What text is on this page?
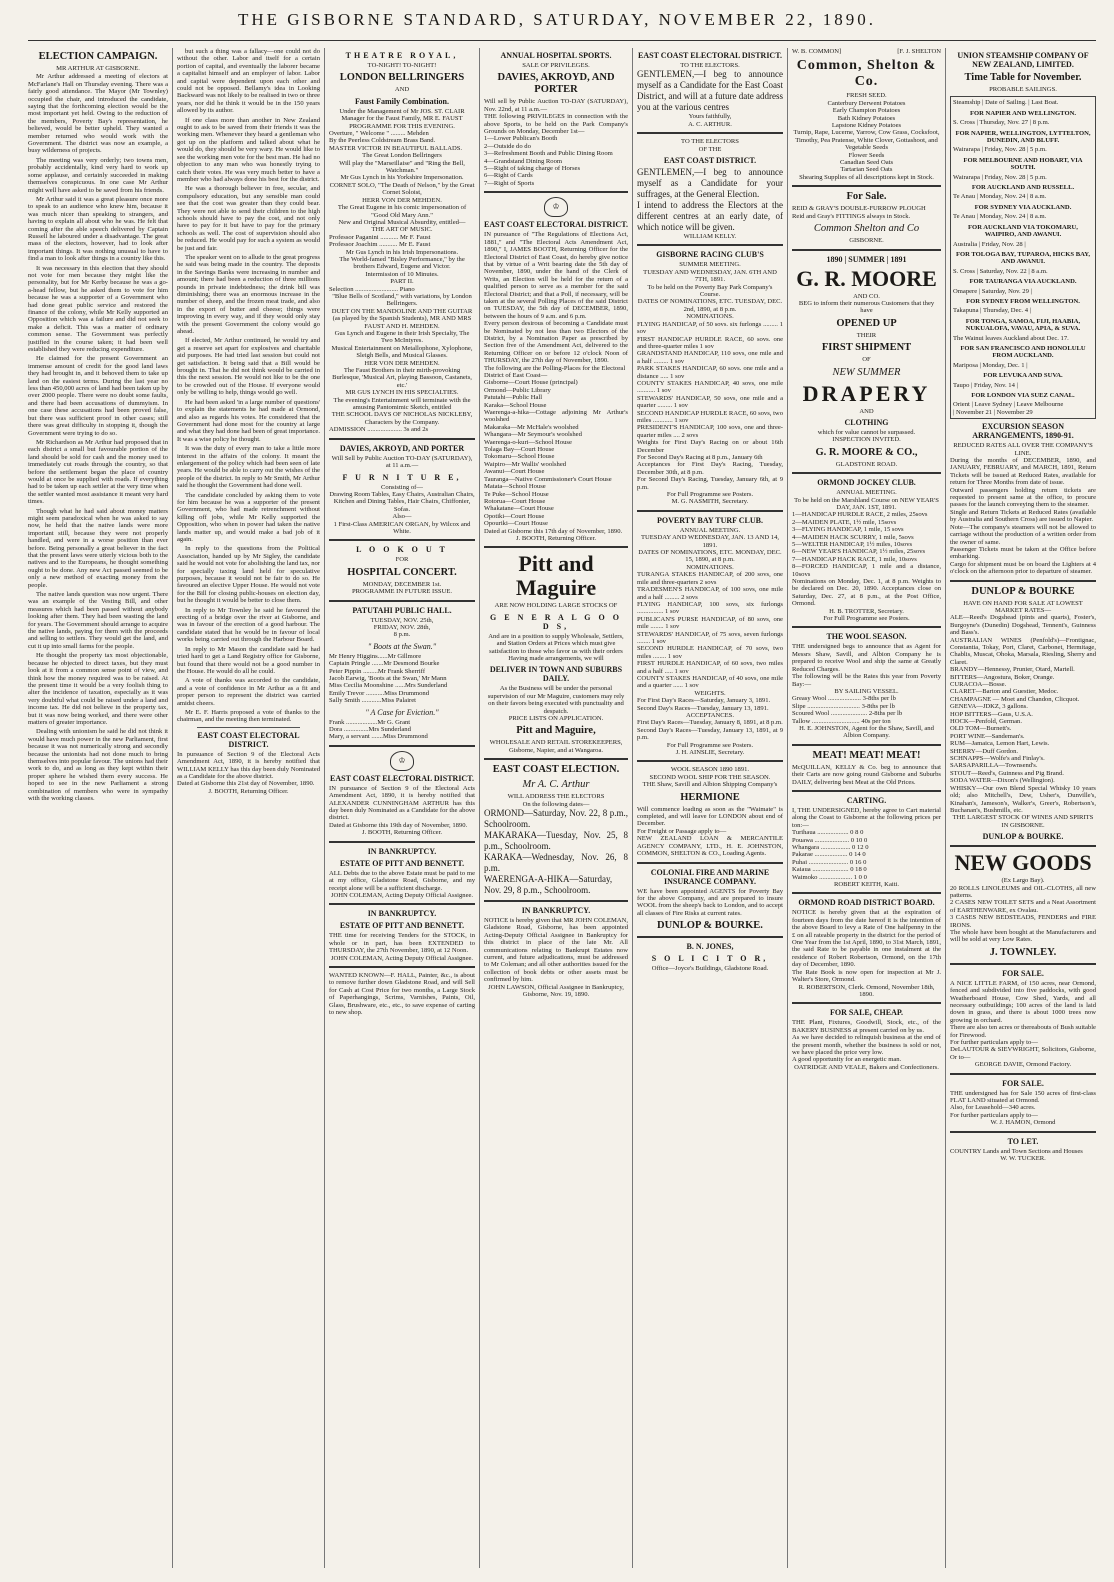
THE GISBORNE STANDARD, SATURDAY, NOVEMBER 22, 1890.
ELECTION CAMPAIGN.
MR ARTHUR AT GISBORNE.

Mr Arthur addressed a meeting of electors at McFarlane's Hall on Thursday evening. There was a fairly good attendance. The Mayor (Mr Townley) occupied the chair, and introduced the candidate, saying that the forthcoming election would be the most important yet held. Owing to the reduction of the members, Poverty Bay's representation, he believed, would be better upheld. They wanted a member returned who would work with the Government. The district was now an example, a busy wilderness of projects.

The meeting was very orderly; two towns men, probably accidentally, kind very hard to work up some applause, and certainly succeeded in making themselves conspicuous. In one case Mr Arthur might well have asked to be saved from his friends.

Mr Arthur said it was a great pleasure once more to speak to an audience who knew him, because it was much nicer than speaking to strangers, and having to explain all about who he was. He felt that coming after the able speech delivered by Captain Russell he laboured under a disadvantage. The great mass of the electors, however, had to look after important things. It was nothing unusual to have to find a man to look after things in a country like this.

It was necessary in this election that they should not vote for men because they might like the personality, but for Mr Kerby because he was a go-a-head fellow, but he asked them to vote for him because he was a supporter of a Government who had done great public service and restored the finance of the colony, while Mr Kelly supported an Opposition which was a failure and did not seek to make a deficit. This was a matter of ordinary common sense. The Government was perfectly justified in the course taken; it had been well established they were reducing expenditure.

He claimed for the present Government an immense amount of credit for the good land laws they had brought in, and it behoved them to take up land on the easiest terms. During the last year no less than 450,000 acres of land had been taken up by over 2000 people. There were no doubt some faults, and there had been accusations of dummyism. In one case these accusations had been proved false, but there was sufficient proof in other cases; still there was great difficulty in stopping it, though the Government were trying to do so.

Mr Richardson as Mr Arthur had proposed that in each district a small but favourable portion of the land should be sold for cash and the money used to immediately cut roads through the country, so that before the settlement began the place of country would at once be supplied with roads. If everything had to be taken up each settler at the very time when the settler wanted most assistance it meant very hard times.

Though what he had said about money matters might seem paradoxical when he was asked to say now, he held that the native lands were more important still, because they were not properly handled, and were in a worse position than ever before. Being personally a great believer in the fact that the present laws were utterly vicious both to the natives and to the Europeans, he thought something ought to be done. Any new Act passed seemed to be only a new method of exacting money from the people.

The native lands question was now urgent. There was an example of the Vesting Bill, and other measures which had been passed without anybody looking after them. They had been wasting the land for years. The Government should arrange to acquire the native lands, paying for them with the proceeds and selling to settlers. They would get the land, and cut it up into small farms for the people.

He thought the property tax most objectionable, because he objected to direct taxes, but they must look at it from a common sense point of view, and think how the money required was to be raised. At the present time it would be a very foolish thing to alter the incidence of taxation, especially as it was very doubtful what could be raised under a land and income tax. He did not believe in the property tax, but it was now being worked, and there were other matters of greater importance.

Dealing with unionism he said he did not think it would have much power in the new Parliament, first because it was not numerically strong and secondly because the unionists had not done much to bring themselves into popular favour. The unions had their work to do, and as long as they kept within their proper sphere he wished them every success. He hoped to see in the new Parliament a strong combination of members who were in sympathy with the working classes.

but such a thing was a fallacy—one could not do without the other. Labor and itself for a certain portion of capital, and eventually the laborer became a capitalist himself and an employer of labor. Labor and capital were dependent upon each other and could not be opposed. Bellamy's idea in Looking Backward was not likely to be realised in two or three years, nor did he think it would be in the 150 years allowed by its author.

If one class more than another in New Zealand ought to ask to be saved from their friends it was the working men. Whenever they heard a gentleman who got up on the platform and talked about what he would do, they should be very wary. He would like to see the working men vote for the best man. He had no objection to any man who was honestly trying to catch their votes. He was very much better to have a member who had always done his best for the district.

He was a thorough believer in free, secular, and compulsory education, but any sensible man could see that the cost was greater than they could bear. They were not able to send their children to the high schools should have to pay the cost, and not only have to pay for it but have to pay for the primary schools as well. The cost of supervision should also be reduced. He would pay for such a system as would be just and fair.

The speaker went on to allude to the great progress he said was being made in the country. The deposits in the Savings Banks were increasing in number and amount; there had been a reduction of three millions pounds in private indebtedness; the drink bill was diminishing; there was an enormous increase in the number of sheep, and the frozen meat trade, and also in the export of butter and cheese; things were improving in every way, and if they would only stay with the present Government the colony would go ahead.

If elected, Mr Arthur continued, he would try and get a reserve set apart for explosives and charitable aid purposes. He had tried last session but could not get satisfaction. It being said that a Bill would be brought in. That he did not think would be carried in this the next session. He would not like to be the one to be crowded out of the House. If everyone would only be willing to help, things would go well.

He had been asked 'in a large number of questions' to explain the statements he had made at Ormond, and also as regards his votes. He considered that the Government had done most for the country at large and what they had done had been of great importance. It was a wise policy he thought.

It was the duty of every man to take a little more interest in the affairs of the colony. It meant the enlargement of the policy which had been seen of late years. He would be able to carry out the wishes of the people of the district. In reply to Mr Smith, Mr Arthur said he thought the Government had done well.

The candidate concluded by asking them to vote for him because he was a supporter of the present Government, who had made retrenchment without killing off jobs, while Mr Kelly supported the Opposition, who when in power had taken the native lands matter up, and would make a bad job of it again.

In reply to the questions from the Political Association, handed up by Mr Sigley, the candidate said he would not vote for abolishing the land tax, nor for specially taxing land held for speculative purposes, because it would not be fair to do so. He favoured an elective Upper House. He would not vote for the Bill for closing public-houses on election day, but he thought it would be better to close them.

In reply to Mr Townley he said he favoured the erecting of a bridge over the river at Gisborne, and was in favour of the erection of a good harbour. The candidate stated that he would be in favour of local works being carried out through the Harbour Board.

In reply to Mr Mason the candidate said he had tried hard to get a Land Registry office for Gisborne, but found that there would not be a good number in the House. He would do all he could.

A vote of thanks was accorded to the candidate, and a vote of confidence in Mr Arthur as a fit and proper person to represent the district was carried amidst cheers.

Mr E. F. Harris proposed a vote of thanks to the chairman, and the meeting then terminated.

EAST COAST ELECTORAL DISTRICT.
In pursuance of Section 9 of the Electoral Acts Amendment Act, 1890, it is hereby notified that WILLIAM KELLY has this day been duly Nominated as a Candidate for the above district.
Dated at Gisborne this 21st day of November, 1890.
J. BOOTH, Returning Officer.
THEATRE ROYAL,
TO-NIGHT! TO-NIGHT!
LONDON BELLRINGERS
AND
Faust Family Combination.
Under the Management of Mr JOS. ST. CLAIR Manager for the Faust Family, MR E. FAUST
PROGRAMME FOR THIS EVENING.
Overture, " Welcome " ......... Mehden
By the Peerless Coldstream Brass Band.
MASTER VICTOR IN BEAUTIFUL BALLADS.
The Great London Bellringers
Will play the "Marseillaise" and "Ring the Bell, Watchman."
Mr Gus Lynch in his Yorkshire Impersonation.
CORNET SOLO, "The Death of Nelson," by the Great Cornet Soloist,
HERR VON DER MEHDEN.
The Great Eugene in his comic impersonation of "Good Old Mary Ann."
New and Original Musical Absurdity, entitled—
THE ART OF MUSIC.
Professor Paganini ........... Mr F. Faust
Professor Joachim ........... Mr E. Faust
Mr Gus Lynch in his Irish Impersonations.
The World-famed "Bisley Performance," by the brothers Edward, Eugene and Victor.
Intermission of 10 Minutes.
PART II.
Selection .......................... Piano
"Blue Bells of Scotland," with variations, by London Bellringers.
DUET ON THE MANDOLINE AND THE GUITAR (as played by the Spanish Students), MR AND MRS FAUST AND H. MEHDEN.
Gus Lynch and Eugene in their Irish Specialty, The Two McIntyres.
Musical Entertainment on Metallophone, Xylophone, Sleigh Bells, and Musical Glasses.
HER VON DER MEHDEN.
The Faust Brothers in their mirth-provoking Burlesque, 'Musical Art, playing Bassoon, Castanets, etc.'
MR GUS LYNCH IN HIS SPECIALTIES.
The evening's Entertainment will terminate with the amusing Pantomimic Sketch, entitled
THE SCHOOL DAYS OF NICHOLAS NICKLEBY,
Characters by the Company.
ADMISSION ..................... 3s and 2s
DAVIES, AKROYD, AND PORTER
Will Sell by Public Auction TO-DAY (SATURDAY), at 11 a.m.—
F U R N I T U R E,
Consisting of—
Drawing Room Tables, Easy Chairs, Australian Chairs, Kitchen and Dining Tables, Hair Chairs, Chiffonier, Sofas.
Also—
1 First-Class AMERICAN ORGAN, by Wilcox and White.
L O O K O U T
FOR
HOSPITAL CONCERT.
MONDAY, DECEMBER 1st.
PROGRAMME IN FUTURE ISSUE.
PATUTAHI PUBLIC HALL.
TUESDAY, NOV. 25th,
FRIDAY, NOV. 28th,
8 p.m.
" Boots at the Swan."
Mr Henry Higgins......Mr Gillmore
Captain Pringle .......Mr Desmond Bourke
Peter Pippin .........Mr Frank Sherriff
Jacob Earwig, 'Boots at the Swan,' Mr Mann
Miss Cecilia Moonshine ......Mrs Sunderland
Emily Trevor ...........Miss Drummond
Sally Smith ............Miss Palairet
" A Case for Eviction."
Frank ...................Mr G. Grant
Dora ...............Mrs Sunderland
Mary, a servant .......Miss Drummond
♔
EAST COAST ELECTORAL DISTRICT.
IN pursuance of Section 9 of the Electoral Acts Amendment Act, 1890, it is hereby notified that ALEXANDER CUNNINGHAM ARTHUR has this day been duly Nominated as a Candidate for the above district.
Dated at Gisborne this 19th day of November, 1890.
J. BOOTH, Returning Officer.
IN BANKRUPTCY.
ESTATE OF PITT AND BENNETT.
ALL Debts due to the above Estate must be paid to me at my office, Gladstone Road, Gisborne, and my receipt alone will be a sufficient discharge.
JOHN COLEMAN, Acting Deputy Official Assignee.
IN BANKRUPTCY.
ESTATE OF PITT AND BENNETT.
THE time for receiving Tenders for the STOCK, in whole or in part, has been EXTENDED to THURSDAY, the 27th November, 1890, at 12 Noon.
JOHN COLEMAN, Acting Deputy Official Assignee.
WANTED KNOWN—F. HALL, Painter, &c., is about to remove further down Gladstone Road, and will Sell for Cash at Cost Price for two months, a Large Stock of Paperhangings, Scrims, Varnishes, Paints, Oil, Glass, Brushware, etc., etc., to save expense of carting to new shop.
ANNUAL HOSPITAL SPORTS.
SALE OF PRIVILEGES.
DAVIES, AKROYD, AND PORTER
Will sell by Public Auction TO-DAY (SATURDAY), Nov. 22nd, at 11 a.m.—
THE following PRIVILEGES in connection with the above Sports, to be held on the Park Company's Grounds on Monday, December 1st—
1—Lower Publican's Booth
2—Outside do do
3—Refreshment Booth and Public Dining Room
4—Grandstand Dining Room
5—Right of taking charge of Horses
6—Right of Cards
7—Right of Sports
♔
EAST COAST ELECTORAL DISTRICT.
IN pursuance of "The Regulations of Elections Act, 1881," and "The Electoral Acts Amendment Act, 1890," I, JAMES BOOTH, Returning Officer for the Electoral District of East Coast, do hereby give notice that by virtue of a Writ bearing date the 5th day of November, 1890, under the hand of the Clerk of Writs, an Election will be held for the return of a qualified person to serve as a member for the said Electoral District; and that a Poll, if necessary, will be taken at the several Polling Places of the said District on TUESDAY, the 5th day of DECEMBER, 1890, between the hours of 9 a.m. and 6 p.m.
Every person desirous of becoming a Candidate must be Nominated by not less than two Electors of the District, by a Nomination Paper as prescribed by Section five of the Amendment Act, delivered to the Returning Officer on or before 12 o'clock Noon of THURSDAY, the 27th day of November, 1890.
The following are the Polling-Places for the Electoral District of East Coast—
Gisborne—Court House (principal)
Ormond—Public Library
Patutahi—Public Hall
Karaka—School House
Waerenga-a-hika—Cottage adjoining Mr Arthur's woolshed
Makaraka—Mr McHale's woolshed
Whangara—Mr Seymour's woolshed
Waerenga-o-kuri—School House
Tolaga Bay—Court House
Tokomaru—School House
Waipiro—Mr Wallis' woolshed
Awanui—Court House
Tauranga—Native Commissioner's Court House
Matata—School House
Te Puke—School House
Rotorua—Court House
Whakatane—Court House
Opotiki—Court House
Opouriki—Court House
Dated at Gisborne this 17th day of November, 1890.
J. BOOTH, Returning Officer.
Pitt and Maguire
ARE NOW HOLDING LARGE STOCKS OF
G E N E R A L G O O D S,
And are in a position to supply Wholesale, Settlers, and Station Orders at Prices which must give satisfaction to those who favor us with their orders
Having made arrangements, we will
DELIVER IN TOWN AND SUBURBS DAILY.
As the Business will be under the personal supervision of our Mr Maguire, customers may rely on their favors being executed with punctuality and despatch.
PRICE LISTS ON APPLICATION.
Pitt and Maguire,
WHOLESALE AND RETAIL STOREKEEPERS,
Gisborne, Napier, and at Wangaroa.
EAST COAST ELECTION.
Mr A. C. Arthur
WILL ADDRESS THE ELECTORS
On the following dates—
ORMOND—Saturday, Nov. 22, 8 p.m., Schoolroom.
MAKARAKA—Tuesday, Nov. 25, 8 p.m., Schoolroom.
KARAKA—Wednesday, Nov. 26, 8 p.m.
WAERENGA-A-HIKA—Saturday, Nov. 29, 8 p.m., Schoolroom.
IN BANKRUPTCY.
NOTICE is hereby given that MR JOHN COLEMAN, Gladstone Road, Gisborne, has been appointed Acting-Deputy Official Assignee in Bankruptcy for this district in place of the late Mr. All communications relating to Bankrupt Estates now current, and future adjudications, must be addressed to Mr Coleman; and all other authorities issued for the collection of book debts or other assets must be confirmed by him.
JOHN LAWSON, Official Assignee in Bankruptcy, Gisborne, Nov. 19, 1890.
EAST COAST ELECTORAL DISTRICT.
TO THE ELECTORS.
GENTLEMEN,—I beg to announce myself as a Candidate for the East Coast District, and will at a future date address you at the various centres
Yours faithfully,
A. C. ARTHUR.
TO THE ELECTORS
OF THE
EAST COAST DISTRICT.
GENTLEMEN,—I beg to announce myself as a Candidate for your suffrages, at the General Election.
I intend to address the Electors at the different centres at an early date, of which notice will be given.
WILLIAM KELLY.
GISBORNE RACING CLUB'S
SUMMER MEETING.
TUESDAY AND WEDNESDAY, JAN. 6TH AND 7TH, 1891.
To be held on the Poverty Bay Park Company's Course.
DATES OF NOMINATIONS, ETC. TUESDAY, DEC. 2nd, 1890, at 8 p.m.
NOMINATIONS.
FLYING HANDICAP, of 50 sovs. six furlongs ......... 1 sov
FIRST HANDICAP HURDLE RACE, 60 sovs. one and three-quarter miles 1 sov
GRANDSTAND HANDICAP, 110 sovs, one mile and a half ......... 1 sov
PARK STAKES HANDICAP, 60 sovs. one mile and a distance ..... 1 sov
COUNTY STAKES HANDICAP, 40 sovs, one mile ........... 1 sov
STEWARDS' HANDICAP, 50 sovs, one mile and a quarter ......... 1 sov
SECOND HANDICAP HURDLE RACE, 60 sovs, two miles ............ 1 sov
PRESIDENT'S HANDICAP, 100 sovs, one and three-quarter miles .... 2 sovs
Weights for First Day's Racing on or about 16th December
For Second Day's Racing at 8 p.m., January 6th
Acceptances for First Day's Racing, Tuesday, December 30th, at 8 p.m.
For Second Day's Racing, Tuesday, January 6th, at 9 p.m.
For Full Programme see Posters.
M. G. NASMITH, Secretary.
POVERTY BAY TURF CLUB.
ANNUAL MEETING.
TUESDAY AND WEDNESDAY, JAN. 13 AND 14, 1891.
DATES OF NOMINATIONS, ETC. MONDAY, DEC. 15, 1890, at 8 p.m.
NOMINATIONS.
TURANGA STAKES HANDICAP, of 200 sovs, one mile and three-quarters 2 sovs
TRADESMEN'S HANDICAP, of 100 sovs, one mile and a half ......... 2 sovs
FLYING HANDICAP, 100 sovs, six furlongs ................ 1 sov
PUBLICAN'S PURSE HANDICAP, of 80 sovs, one mile ........ 1 sov
STEWARDS' HANDICAP, of 75 sovs, seven furlongs ........ 1 sov
SECOND HURDLE HANDICAP, of 70 sovs, two miles ........ 1 sov
FIRST HURDLE HANDICAP, of 60 sovs, two miles and a half ..... 1 sov
COUNTY STAKES HANDICAP, of 40 sovs, one mile and a quarter ...... 1 sov
WEIGHTS.
For First Day's Races—Saturday, January 3, 1891.
Second Day's Races—Tuesday, January 13, 1891.
ACCEPTANCES.
First Day's Races—Tuesday, January 8, 1891, at 8 p.m.
Second Day's Races—Tuesday, January 13, 1891, at 9 p.m.
For Full Programme see Posters.
J. H. AINSLIE, Secretary.
WOOL SEASON 1890 1891.
SECOND WOOL SHIP FOR THE SEASON.
THE Shaw, Savill and Albion Shipping Company's
HERMIONE
Will commence loading as soon as the "Waimate" is completed, and will leave for LONDON about end of December.
For Freight or Passage apply to—
NEW ZEALAND LOAN & MERCANTILE AGENCY COMPANY, LTD., H. E. JOHNSTON, COMMON, SHELTON & CO., Loading Agents.
COLONIAL FIRE AND MARINE INSURANCE COMPANY.
WE have been appointed AGENTS for Poverty Bay for the above Company, and are prepared to insure WOOL from the sheep's back to London, and to accept all classes of Fire Risks at current rates.
DUNLOP & BOURKE.
B. N. JONES,
S O L I C I T O R,
Office—Joyce's Buildings, Gladstone Road.
W. B. COMMON]	[F. J. SHELTON
Common, Shelton & Co.
FRESH SEED.
Canterbury Derwent Potatoes
Early Champion Potatoes
Bath Kidney Potatoes
Lapstone Kidney Potatoes
Turnip, Rape, Lucerne, Yarrow, Cow Grass, Cocksfoot, Timothy, Pea Pratense, White Clover, Gottashoot, and Vegetable Seeds
Flower Seeds
Canadian Seed Oats
Tartarian Seed Oats
Shearing Supplies of all descriptions kept in Stock.
For Sale.
REID & GRAY'S DOUBLE-FURROW PLOUGH
Reid and Gray's FITTINGS always in Stock.
Common Shelton and Co
GISBORNE.
1890 | SUMMER | 1891
G. R. MOORE
AND CO.
BEG to inform their numerous Customers that they have
OPENED UP
THEIR
FIRST SHIPMENT
OF
NEW SUMMER
DRAPERY
AND
CLOTHING
which for value cannot be surpassed.
INSPECTION INVITED.
G. R. MOORE & CO.,
GLADSTONE ROAD.
ORMOND JOCKEY CLUB.
ANNUAL MEETING.
To be held on the Marshland Course on NEW YEAR'S DAY, JAN. 1ST, 1891.
1—HANDICAP HURDLE RACE, 2 miles, 25sovs
2—MAIDEN PLATE, 1½ mile, 15sovs
3—FLYING HANDICAP, 1 mile, 15 sovs
4—MAIDEN HACK SCURRY, 1 mile, 5sovs
5—WELTER HANDICAP, 1½ miles, 10sovs
6—NEW YEAR'S HANDICAP, 1½ miles, 25sovs
7—HANDICAP HACK RACE, 1 mile, 10sovs
8—FORCED HANDICAP, 1 mile and a distance, 10sovs
Nominations on Monday, Dec. 1, at 8 p.m. Weights to be declared on Dec. 20, 1890. Acceptances close on Saturday, Dec. 27, at 8 p.m., at the Post Office, Ormond.
H. B. TROTTER, Secretary.
For Full Programme see Posters.
THE WOOL SEASON.
THE undersigned begs to announce that as Agent for Messrs Shaw, Savill, and Albion Company he is prepared to receive Wool and ship the same at Greatly Reduced Charges.
The following will be the Rates this year from Poverty Bay:—
BY SAILING VESSEL.
Greasy Wool .................... 3-8ths per lb
Slipe ................................ 3-8ths per lb
Scoured Wool ...................... 2-8ths per lb
Tallow ............................. 40s per ton
H. E. JOHNSTON, Agent for the Shaw, Savill, and Albion Company.
MEAT! MEAT! MEAT!
McQUILLAN, KELLY & Co. beg to announce that their Carts are now going round Gisborne and Suburbs DAILY, delivering best Meat at the Old Prices.
CARTING.
I, THE UNDERSIGNED, hereby agree to Cart material along the Coast to Gisborne at the following prices per ton:—
Turihaua ................... 0 8 0
Pouawa ..................... 0 10 0
Whangara .................. 0 12 0
Pakarae .................... 0 14 0
Puhai ........................ 0 16 0
Kaiaua ...................... 0 18 0
Waimoko .................... 1 0 0
ROBERT KEITH, Kaiti.
ORMOND ROAD DISTRICT BOARD.
NOTICE is hereby given that at the expiration of fourteen days from the date hereof it is the intention of the above Board to levy a Rate of One halfpenny in the £ on all rateable property in the district for the period of One Year from the 1st April, 1890, to 31st March, 1891, the said Rate to be payable in one instalment at the residence of Robert Robertson, Ormond, on the 17th day of December, 1890.
The Rate Book is now open for inspection at Mr J. Walter's Store, Ormond.
R. ROBERTSON, Clerk. Ormond, November 18th, 1890.
FOR SALE, CHEAP.
THE Plant, Fixtures, Goodwill, Stock, etc., of the BAKERY BUSINESS at present carried on by us.
As we have decided to relinquish business at the end of the present month, whether the business is sold or not, we have placed the price very low.
A good opportunity for an energetic man.
OATRIDGE AND VEALE, Bakers and Confectioners.
UNION STEAMSHIP COMPANY OF NEW ZEALAND, LIMITED.
Time Table for November.
PROBABLE SAILINGS.
Steamship | Date of Sailing. | Last Boat.
FOR NAPIER AND WELLINGTON.
S. Cross | Thursday, Nov. 27 | 8 p.m.
FOR NAPIER, WELLINGTON, LYTTELTON, DUNEDIN, AND BLUFF.
Wairarapa | Friday, Nov. 28 | 5 p.m.
FOR MELBOURNE AND HOBART, VIA SOUTH.
Wairarapa | Friday, Nov. 28 | 5 p.m.
FOR AUCKLAND AND RUSSELL.
Te Anau | Monday, Nov. 24 | 8 a.m.
FOR SYDNEY VIA AUCKLAND.
Te Anau | Monday, Nov. 24 | 8 a.m.
FOR AUCKLAND VIA TOKOMARU, WAIPIRO, AND AWANUI.
Australia | Friday, Nov. 28 |
FOR TOLOGA BAY, TUPAROA, HICKS BAY, AND AWANUI.
S. Cross | Saturday, Nov. 22 | 8 a.m.
FOR TAURANGA VIA AUCKLAND.
Omapere | Saturday, Nov. 29 |
FOR SYDNEY FROM WELLINGTON.
Takapuna | Thursday, Dec. 4 |
FOR TONGA, SAMOA, FIJI, HAABIA, NUKUALOFA, VAVAU, APIA, & SUVA.
The Wainui leaves Auckland about Dec. 17.
FOR SAN FRANCISCO AND HONOLULU FROM AUCKLAND.
Mariposa | Monday, Dec. 1 |
FOR LEVUKA AND SUVA.
Taupo | Friday, Nov. 14 |
FOR LONDON VIA SUEZ CANAL.
Orient | Leave Sydney | Leave Melbourne
| November 21 | November 29
EXCURSION SEASON ARRANGEMENTS, 1890-91.
REDUCED RATES ALL OVER THE COMPANY'S LINE.
During the months of DECEMBER, 1890, and JANUARY, FEBRUARY, and MARCH, 1891, Return Tickets will be issued at Reduced Rates, available for return for Three Months from date of issue.
Outward passengers holding return tickets are requested to present same at the office, to procure passes for the launch conveying them to the steamer.
Single and Return Tickets at Reduced Rates (available by Australia and Southern Cross) are issued to Napier.
Note—The company's steamers will not be allowed to carriage without the production of a written order from the owner of same.
Passenger Tickets must be taken at the Office before embarking.
Cargo for shipment must be on board the Lighters at 4 o'clock on the afternoon prior to departure of steamer.
DUNLOP & BOURKE
HAVE ON HAND FOR SALE AT LOWEST MARKET RATES—
ALE—Reed's Dogshead (pints and quarts), Foster's, Burgoyne's (Dunedin) Dogshead, Tennent's, Guinness and Bass's.
AUSTRALIAN WINES (Penfold's)—Frontignac, Constantia, Tokay, Port, Claret, Carbonet, Hermitage, Chablis, Muscat, Ohoka, Marsala, Riesling, Sherry and Claret.
BRANDY—Hennessy, Prunier, Otard, Martell.
BITTERS—Angostura, Boker, Orange.
CURACOA—Bosse.
CLARET—Barton and Guestier, Medoc.
CHAMPAGNE — Moet and Chandon, Clicquot.
GENEVA—JDKZ, 3 gallons.
HOP BITTERS—Gaus, U.S.A.
HOCK—Penfold, German.
OLD TOM—Burnett's.
PORT WINE—Sandeman's.
RUM—Jamaica, Lemon Hart, Lewis.
SHERRY—Duff Gordon.
SCHNAPPS—Wolfe's and Finlay's.
SARSAPARILLA—Townsend's.
STOUT—Reed's, Guinness and Pig Brand.
SODA WATER—Dixon's (Wellington).
WHISKY—Our own Blend Special Whisky 10 years old; also Mitchell's, Dew, Usher's, Dunville's, Kinahan's, Jameson's, Walker's, Greer's, Robertson's, Buchanan's, Bushmills, etc.
THE LARGEST STOCK OF WINES AND SPIRITS IN GISBORNE.
DUNLOP & BOURKE.
NEW GOODS
(Ex Largo Bay).
20 ROLLS LINOLEUMS and OIL-CLOTHS, all new patterns.
2 CASES NEW TOILET SETS and a Neat Assortment of EARTHENWARE, ex Ovalau.
3 CASES NEW BEDSTEADS, FENDERS and FIRE IRONS.
The whole have been bought at the Manufacturers and will be sold at very Low Rates.
J. TOWNLEY.
FOR SALE.
A NICE LITTLE FARM, of 150 acres, near Ormond, fenced and subdivided into five paddocks, with good Weatherboard House, Cow Shed, Yards, and all necessary outbuildings; 100 acres of the land is laid down in grass, and there is about 1000 trees now growing in orchard.
There are also ten acres or thereabouts of Bush suitable for Firewood.
For further particulars apply to—
DeLAUTOUR & SIEVWRIGHT, Solicitors, Gisborne,
Or to—
GEORGE DAVIE, Ormond Factory.
FOR SALE.
THE undersigned has for Sale 150 acres of first-class FLAT LAND situated at Ormond.
Also, for Leasehold—340 acres.
For further particulars apply to—
W. J. HAMON, Ormond
TO LET.
COUNTRY Lands and Town Sections and Houses
W. W. TUCKER.
